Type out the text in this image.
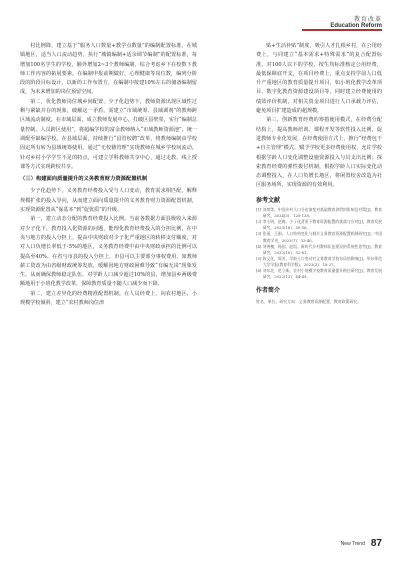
教育改革
Education Reform

村比例降，建立基于“服务人口数量+教学点数量”的编制配置标准。在城镇地区，适当人口流动趋势，执行“城镇编制+适余调节编制”的配置标准，每增加100名学生的学校，额外增加2~3个教师编制，综合考虑乡下在校数下教师工作内容的拓展要素。在编制申报前期做好，心理健康等岗位数，编列分阶段的阶段目标设计，以新的工作布置方，在编制中按建10%左右的储备编制留成，为未来增加的岗位预留空间。

第二，优化教师岗位城乡间配置，少子化趋势下，教师资源出现区域性过剩与紧缺并存的现象，破解这一矛盾，需建立“市域统筹、县域调剂”的教师跨区域流动制度。在市域层面，成立教师发展中心，打破区县壁垒，实行“编制总量控制、人员跨区使用”，将超编学校的富余教师纳入“市域教师资源池”，统一调配至缺编学校。在县域层面，持续推行“县管校聘”改革，将教师编制由学校固定所有转为县域统筹使用，通过“无校籍管理”实现教师在城乡学校间流动，针对乡村小学学生不足的特点，可建立学科教师共享中心，通过走教、线上授课等方式实现跨校共享。

（三）构建面向质量提升的义务教育财力资源配置机制

少子化趋势下，义务教育经费投入受与人口变动，教育需求相匹配，解释规模扩张的投入导向，从而建立面向质量提升的义务教育财力资源配置机制，实现资源配置从“保基本”到“促优质”的升级。

第一，建立动态分配的教育经费投入比例。当前各数据方面县级收入来源对少子化下，教育投入化资源的问题，能理化教育经费投入的分担比例，在中央与地方的投入分担上，提高中央财政对少子化严重地区的转移支付额度，对对人口负增长率低于-5%的地区，义务教育经费中由中央财政承担的比例可以提高至40%。在省与市县的投入分担上，市县可以主要部分事权费用，如教师薪工资改为由省级财政统筹发放，缓解因地方财政困难导致“有编无岗”现象发生，从而确保教师稳定队伍，对学龄人口减少超过10%的县，增加县乡两级费额地用于小班化教学改革，保障教育质量不随人口减少而下降。

第二，建立差异化的经费精准配置机制。在人员经费上，向农村地区、小规模学校倾斜，建立“农村教师岗位津

贴+生活补贴”制度，吸引人才扎根乡村，在公用经费上，与同建立“基本需求+特殊需求”的复合配置标准，对100人以下的学校，按生均标准核定公用经费，最低保障底开支，在项目经费上，重点支持学前人口低升产重地区的教育质量提升项目，如小班化教学改革项目、数字化教育资源建设项目等，同时建立经费使用的绩效评价机制，对相关资金项目进行人口承载力评估，避免项目扩建造成的超规模。

第三，创新教育经费的筹措使用模式，在经费分配结构上，提高教师培训、课程开发等软性投入比例，促进教师专业化发展，在经费使用方式上，推行“经费包干+自主管理”模式，赋予学校更多经费使用权，允许学校根据学龄人口变化调整设施资源投入与员支出比例；探索教育经费的弹性拨付机制，根据学龄人口实际变化动态调整投入，在人口负增长地区，将闲置校舍改造为社区服务场所，实现资源的有效利用。

参考文献

[1] 刘爽等。中国乡村人口分布演变对基础教育供给的影响及对策[J]。教育研究，2024(5)：120-128。

[2] 李小明，赵梅。少子化背景下教育资源配置的挑战与应对[J]。教育发展研究，2023(16)：50-56。

[3] 张丽，王刚。人口结构变化与城乡义务教育资源配置机制研究[J]。中国教育学刊，2023(7)：33-40。

[4] 刘善槐，杨国，赵垣。新时代乡村教师队伍建设的系统性思考[J]。教育研究，2022(10)：52-61。

[5] 陈文化，周芳。学龄人口变动对义务教育学校布局的影响[J]。华东师范大学学报(教育科学版)，2023(3)：18-27。

[6] 刘东北，范立新。农村小规模学校教育质量提升路径研究[J]。教育发展研究，2022(12)：44-49。

作者简介

姓名，单位。研究方向：义务教育资源配置、教育政策研究。

New Trend 87
